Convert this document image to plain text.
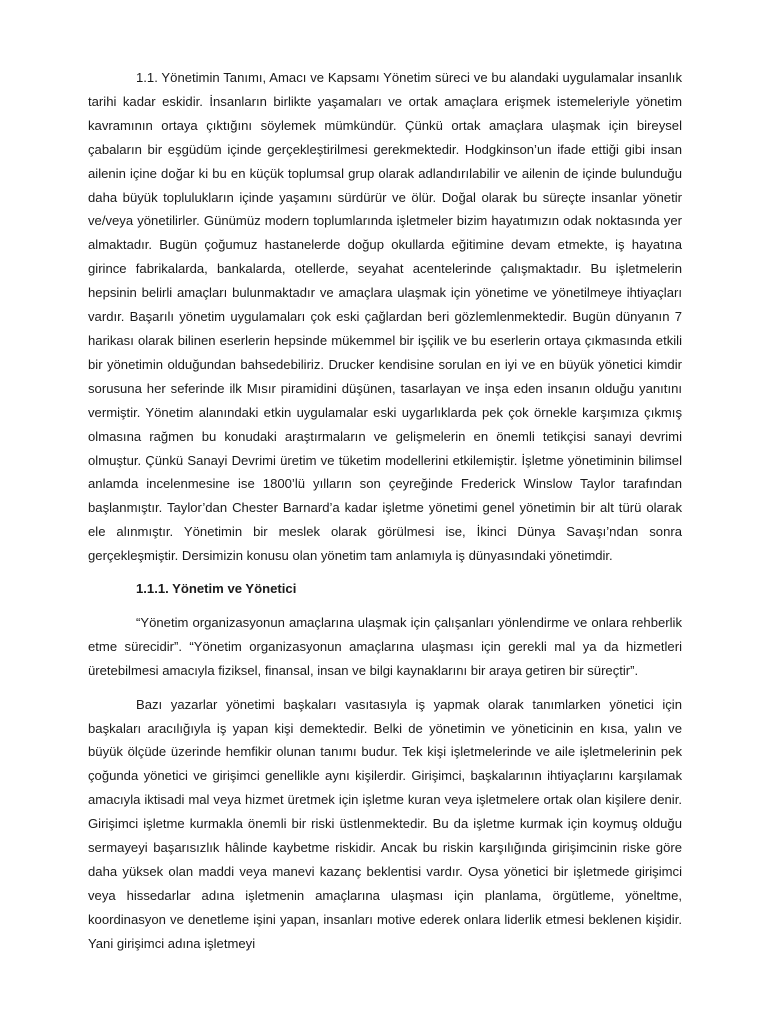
1.1. Yönetimin Tanımı, Amacı ve Kapsamı Yönetim süreci ve bu alandaki uygulamalar insanlık tarihi kadar eskidir. İnsanların birlikte yaşamaları ve ortak amaçlara erişmek istemeleriyle yönetim kavramının ortaya çıktığını söylemek mümkündür. Çünkü ortak amaçlara ulaşmak için bireysel çabaların bir eşgüdüm içinde gerçekleştirilmesi gerekmektedir. Hodgkinson’un ifade ettiği gibi insan ailenin içine doğar ki bu en küçük toplumsal grup olarak adlandırılabilir ve ailenin de içinde bulunduğu daha büyük toplulukların içinde yaşamını sürdürür ve ölür. Doğal olarak bu süreçte insanlar yönetir ve/veya yönetilirler. Günümüz modern toplumlarında işletmeler bizim hayatımızın odak noktasında yer almaktadır. Bugün çoğumuz hastanelerde doğup okullarda eğitimine devam etmekte, iş hayatına girince fabrikalarda, bankalarda, otellerde, seyahat acentelerinde çalışmaktadır. Bu işletmelerin hepsinin belirli amaçları bulunmaktadır ve amaçlara ulaşmak için yönetime ve yönetilmeye ihtiyaçları vardır. Başarılı yönetim uygulamaları çok eski çağlardan beri gözlemlenmektedir. Bugün dünyanın 7 harikası olarak bilinen eserlerin hepsinde mükemmel bir işçilik ve bu eserlerin ortaya çıkmasında etkili bir yönetimin olduğundan bahsedebiliriz. Drucker kendisine sorulan en iyi ve en büyük yönetici kimdir sorusuna her seferinde ilk Mısır piramidini düşünen, tasarlayan ve inşa eden insanın olduğu yanıtını vermiştir. Yönetim alanındaki etkin uygulamalar eski uygarlıklarda pek çok örnekle karşımıza çıkmış olmasına rağmen bu konudaki araştırmaların ve gelişmelerin en önemli tetikçisi sanayi devrimi olmuştur. Çünkü Sanayi Devrimi üretim ve tüketim modellerini etkilemiştir. İşletme yönetiminin bilimsel anlamda incelenmesine ise 1800’lü yılların son çeyreğinde Frederick Winslow Taylor tarafından başlanmıştır. Taylor’dan Chester Barnard’a kadar işletme yönetimi genel yönetimin bir alt türü olarak ele alınmıştır. Yönetimin bir meslek olarak görülmesi ise, İkinci Dünya Savaşı’ndan sonra gerçekleşmiştir. Dersimizin konusu olan yönetim tam anlamıyla iş dünyasındaki yönetimdir.

1.1.1. Yönetim ve Yönetici

“Yönetim organizasyonun amaçlarına ulaşmak için çalışanları yönlendirme ve onlara rehberlik etme sürecidir”. “Yönetim organizasyonun amaçlarına ulaşması için gerekli mal ya da hizmetleri üretebilmesi amacıyla fiziksel, finansal, insan ve bilgi kaynaklarını bir araya getiren bir süreçtir”.

Bazı yazarlar yönetimi başkaları vasıtasıyla iş yapmak olarak tanımlarken yönetici için başkaları aracılığıyla iş yapan kişi demektedir. Belki de yönetimin ve yöneticinin en kısa, yalın ve büyük ölçüde üzerinde hemfikir olunan tanımı budur. Tek kişi işletmelerinde ve aile işletmelerinin pek çoğunda yönetici ve girişimci genellikle aynı kişilerdir. Girişimci, başkalarının ihtiyaçlarını karşılamak amacıyla iktisadi mal veya hizmet üretmek için işletme kuran veya işletmelere ortak olan kişilere denir. Girişimci işletme kurmakla önemli bir riski üstlenmektedir. Bu da işletme kurmak için koymuş olduğu sermayeyi başarısızlık hâlinde kaybetme riskidir. Ancak bu riskin karşılığında girişimcinin riske göre daha yüksek olan maddi veya manevi kazanç beklentisi vardır. Oysa yönetici bir işletmede girişimci veya hissedarlar adına işletmenin amaçlarına ulaşması için planlama, örgütleme, yöneltme, koordinasyon ve denetleme işini yapan, insanları motive ederek onlara liderlik etmesi beklenen kişidir. Yani girişimci adına işletmeyi
